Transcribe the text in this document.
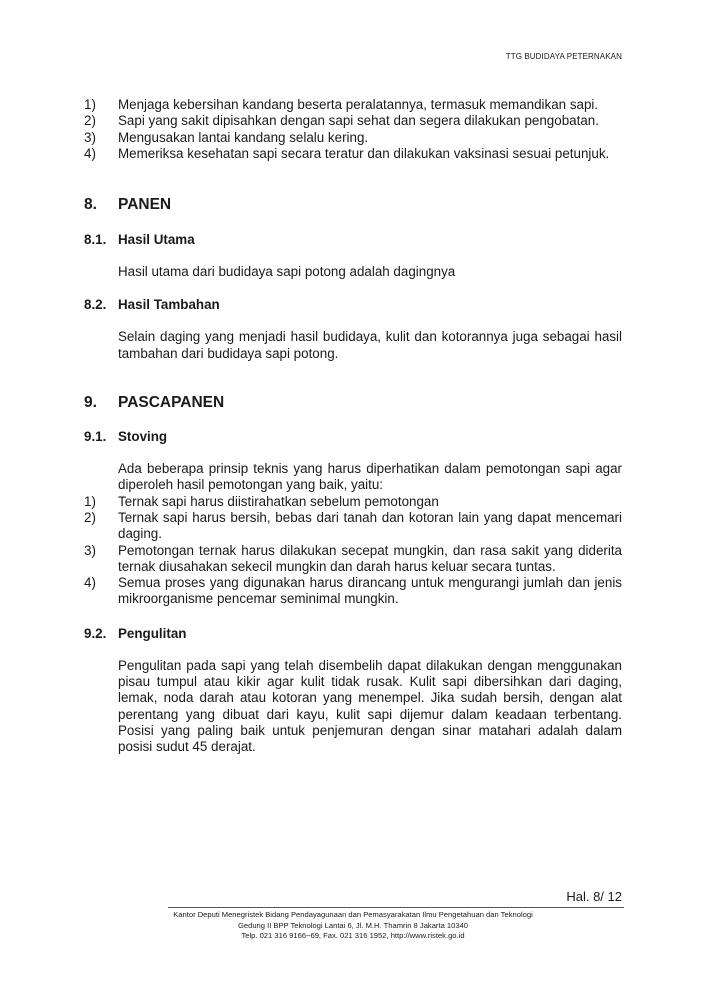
TTG BUDIDAYA PETERNAKAN
1)	Menjaga kebersihan kandang beserta peralatannya, termasuk memandikan sapi.
2)	Sapi yang sakit dipisahkan dengan sapi sehat dan segera dilakukan pengobatan.
3)	Mengusakan lantai kandang selalu kering.
4)	Memeriksa kesehatan sapi secara teratur dan dilakukan vaksinasi sesuai petunjuk.
8.	PANEN
8.1. Hasil Utama

Hasil utama dari budidaya sapi potong adalah dagingnya

8.2. Hasil Tambahan

Selain daging yang menjadi hasil budidaya, kulit dan kotorannya juga sebagai hasil tambahan dari budidaya sapi potong.

9.	PASCAPANEN
9.1. Stoving

Ada beberapa prinsip teknis yang harus diperhatikan dalam pemotongan sapi agar diperoleh hasil pemotongan yang baik, yaitu:

1)	Ternak sapi harus diistirahatkan sebelum pemotongan
2)	Ternak sapi harus bersih, bebas dari tanah dan kotoran lain yang dapat mencemari daging.
3)	Pemotongan ternak harus dilakukan secepat mungkin, dan rasa sakit yang diderita ternak diusahakan sekecil mungkin dan darah harus keluar secara tuntas.
4)	Semua proses yang digunakan harus dirancang untuk mengurangi jumlah dan jenis mikroorganisme pencemar seminimal mungkin.
9.2. Pengulitan

Pengulitan pada sapi yang telah disembelih dapat dilakukan dengan menggunakan pisau tumpul atau kikir agar kulit tidak rusak. Kulit sapi dibersihkan dari daging, lemak, noda darah atau kotoran yang menempel. Jika sudah bersih, dengan alat perentang yang dibuat dari kayu, kulit sapi dijemur dalam keadaan terbentang. Posisi yang paling baik untuk penjemuran dengan sinar matahari adalah dalam posisi sudut 45 derajat.

Hal. 8/ 12
Kantor Deputi Menegristek Bidang Pendayagunaan dan Pemasyarakatan Ilmu Pengetahuan dan Teknologi
Gedung II BPP Teknologi Lantai 6, Jl. M.H. Thamrin 8 Jakarta 10340
Telp. 021 316 9166~69, Fax. 021 316 1952, http://www.ristek.go.id
